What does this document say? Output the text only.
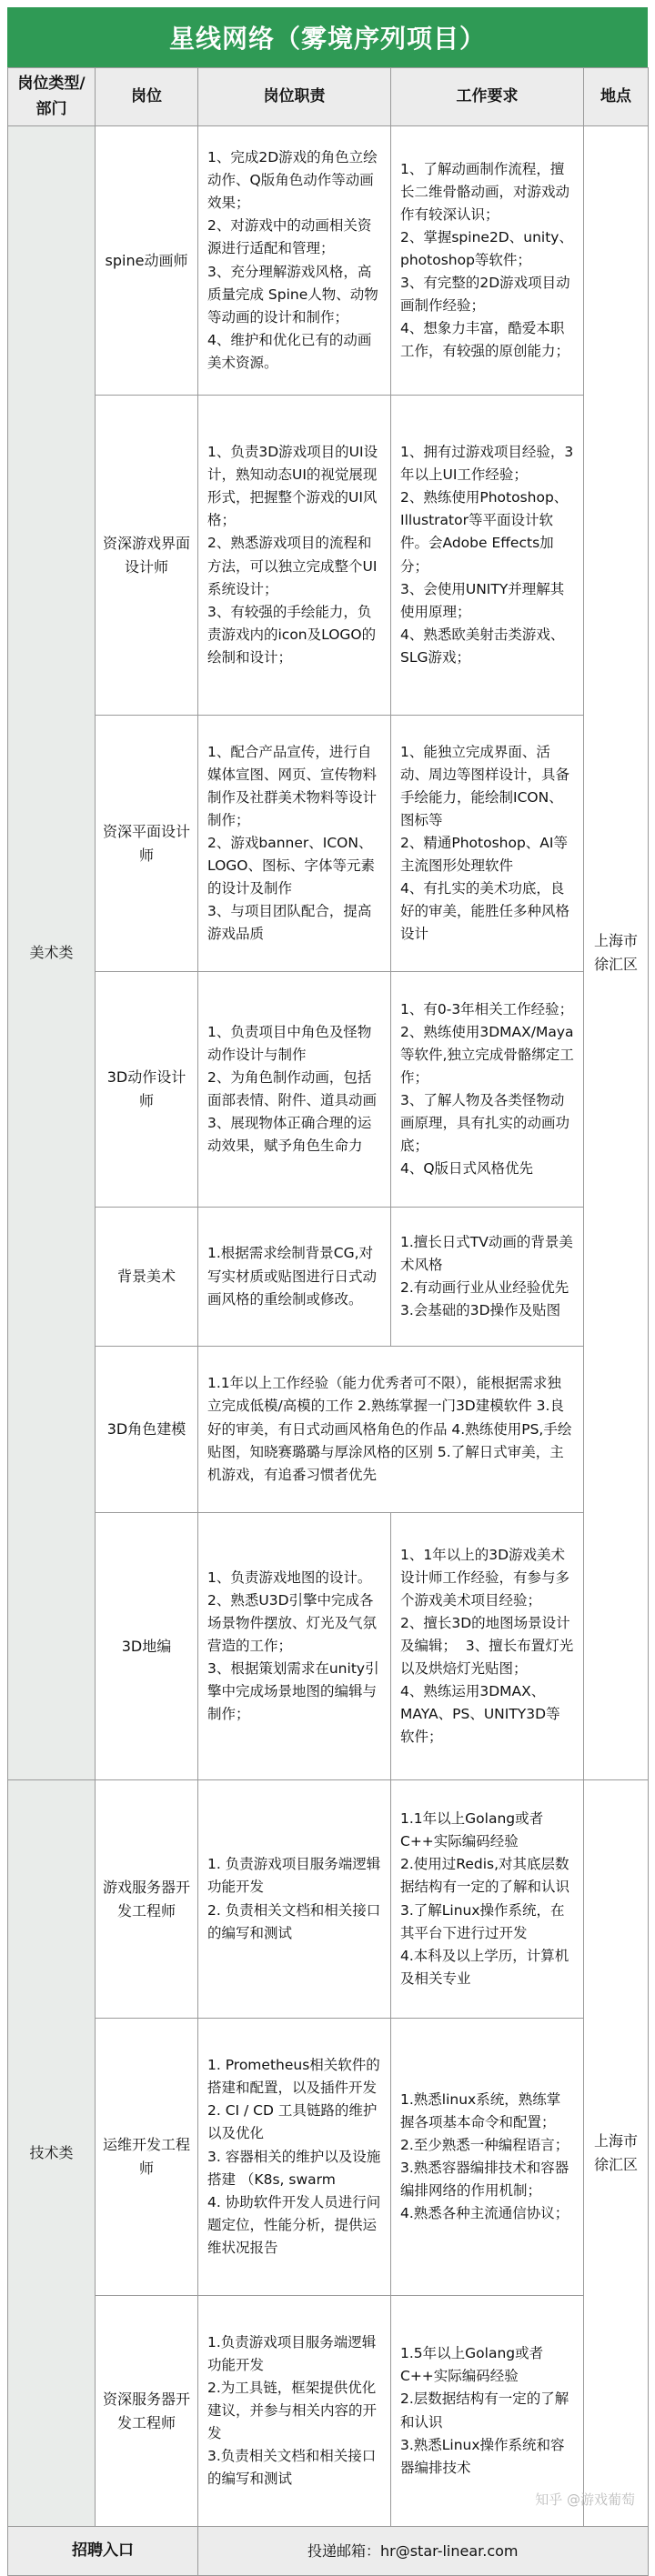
星线网络（雾境序列项目）
岗位类型/部门	岗位	岗位职责	工作要求	地点
美术类	spine动画师	1、完成2D游戏的角色立绘动作、Q版角色动作等动画效果；
2、对游戏中的动画相关资源进行适配和管理；
3、充分理解游戏风格，高质量完成 Spine人物、动物等动画的设计和制作；
4、维护和优化已有的动画美术资源。	1、了解动画制作流程，擅长二维骨骼动画，对游戏动作有较深认识；
2、掌握spine2D、unity、photoshop等软件；
3、有完整的2D游戏项目动画制作经验；
4、想象力丰富，酷爱本职工作，有较强的原创能力；	上海市徐汇区
	资深游戏界面设计师	1、负责3D游戏项目的UI设计，熟知动态UI的视觉展现形式，把握整个游戏的UI风格；
2、熟悉游戏项目的流程和方法，可以独立完成整个UI系统设计；
3、有较强的手绘能力，负责游戏内的icon及LOGO的绘制和设计；	1、拥有过游戏项目经验，3年以上UI工作经验；
2、熟练使用Photoshop、Illustrator等平面设计软件。会Adobe Effects加分；
3、会使用UNITY并理解其使用原理；
4、熟悉欧美射击类游戏、SLG游戏；	
	资深平面设计师	1、配合产品宣传，进行自媒体宣图、网页、宣传物料制作及社群美术物料等设计制作；
2、游戏banner、ICON、LOGO、图标、字体等元素的设计及制作
3、与项目团队配合，提高游戏品质	1、能独立完成界面、活动、周边等图样设计，具备手绘能力，能绘制ICON、图标等
2、精通Photoshop、AI等主流图形处理软件
4、有扎实的美术功底，良好的审美，能胜任多种风格设计	
	3D动作设计师	1、负责项目中角色及怪物动作设计与制作
2、为角色制作动画，包括面部表情、附件、道具动画
3、展现物体正确合理的运动效果，赋予角色生命力	1、有0-3年相关工作经验；  2、熟练使用3DMAX/Maya等软件,独立完成骨骼绑定工作；
3、了解人物及各类怪物动画原理，具有扎实的动画功底；
4、Q版日式风格优先	
	背景美术	1.根据需求绘制背景CG,对写实材质或贴图进行日式动画风格的重绘制或修改。	1.擅长日式TV动画的背景美术风格
2.有动画行业从业经验优先
3.会基础的3D操作及贴图	
	3D角色建模	1.1年以上工作经验（能力优秀者可不限），能根据需求独立完成低模/高模的工作 2.熟练掌握一门3D建模软件 3.良好的审美，有日式动画风格角色的作品 4.熟练使用PS,手绘贴图，知晓赛璐璐与厚涂风格的区别 5.了解日式审美，主机游戏，有追番习惯者优先		
	3D地编	1、负责游戏地图的设计。
2、熟悉U3D引擎中完成各场景物件摆放、灯光及气氛营造的工作；
3、根据策划需求在unity引擎中完成场景地图的编辑与制作；	1、1年以上的3D游戏美术设计师工作经验，有参与多个游戏美术项目经验；
2、擅长3D的地图场景设计及编辑；  3、擅长布置灯光以及烘焙灯光贴图；
4、熟练运用3DMAX、MAYA、PS、UNITY3D等软件；	
技术类	游戏服务器开发工程师	1. 负责游戏项目服务端逻辑功能开发
2. 负责相关文档和相关接口的编写和测试	1.1年以上Golang或者C++实际编码经验
2.使用过Redis,对其底层数据结构有一定的了解和认识 3.了解Linux操作系统，在其平台下进行过开发
4.本科及以上学历，计算机及相关专业	上海市徐汇区
	运维开发工程师	1. Prometheus相关软件的搭建和配置，以及插件开发
2. CI / CD 工具链路的维护以及优化
3. 容器相关的维护以及设施搭建 （K8s, swarm
4. 协助软件开发人员进行问题定位，性能分析，提供运维状况报告	1.熟悉linux系统，熟练掌握各项基本命令和配置；
2.至少熟悉一种编程语言；
3.熟悉容器编排技术和容器编排网络的作用机制；
4.熟悉各种主流通信协议；	
	资深服务器开发工程师	1.负责游戏项目服务端逻辑功能开发
2.为工具链，框架提供优化建议，并参与相关内容的开发
3.负责相关文档和相关接口的编写和测试	1.5年以上Golang或者C++实际编码经验
2.层数据结构有一定的了解和认识
3.熟悉Linux操作系统和容器编排技术	
招聘入口		投递邮箱：hr@star-linear.com		知乎 @游戏葡萄
